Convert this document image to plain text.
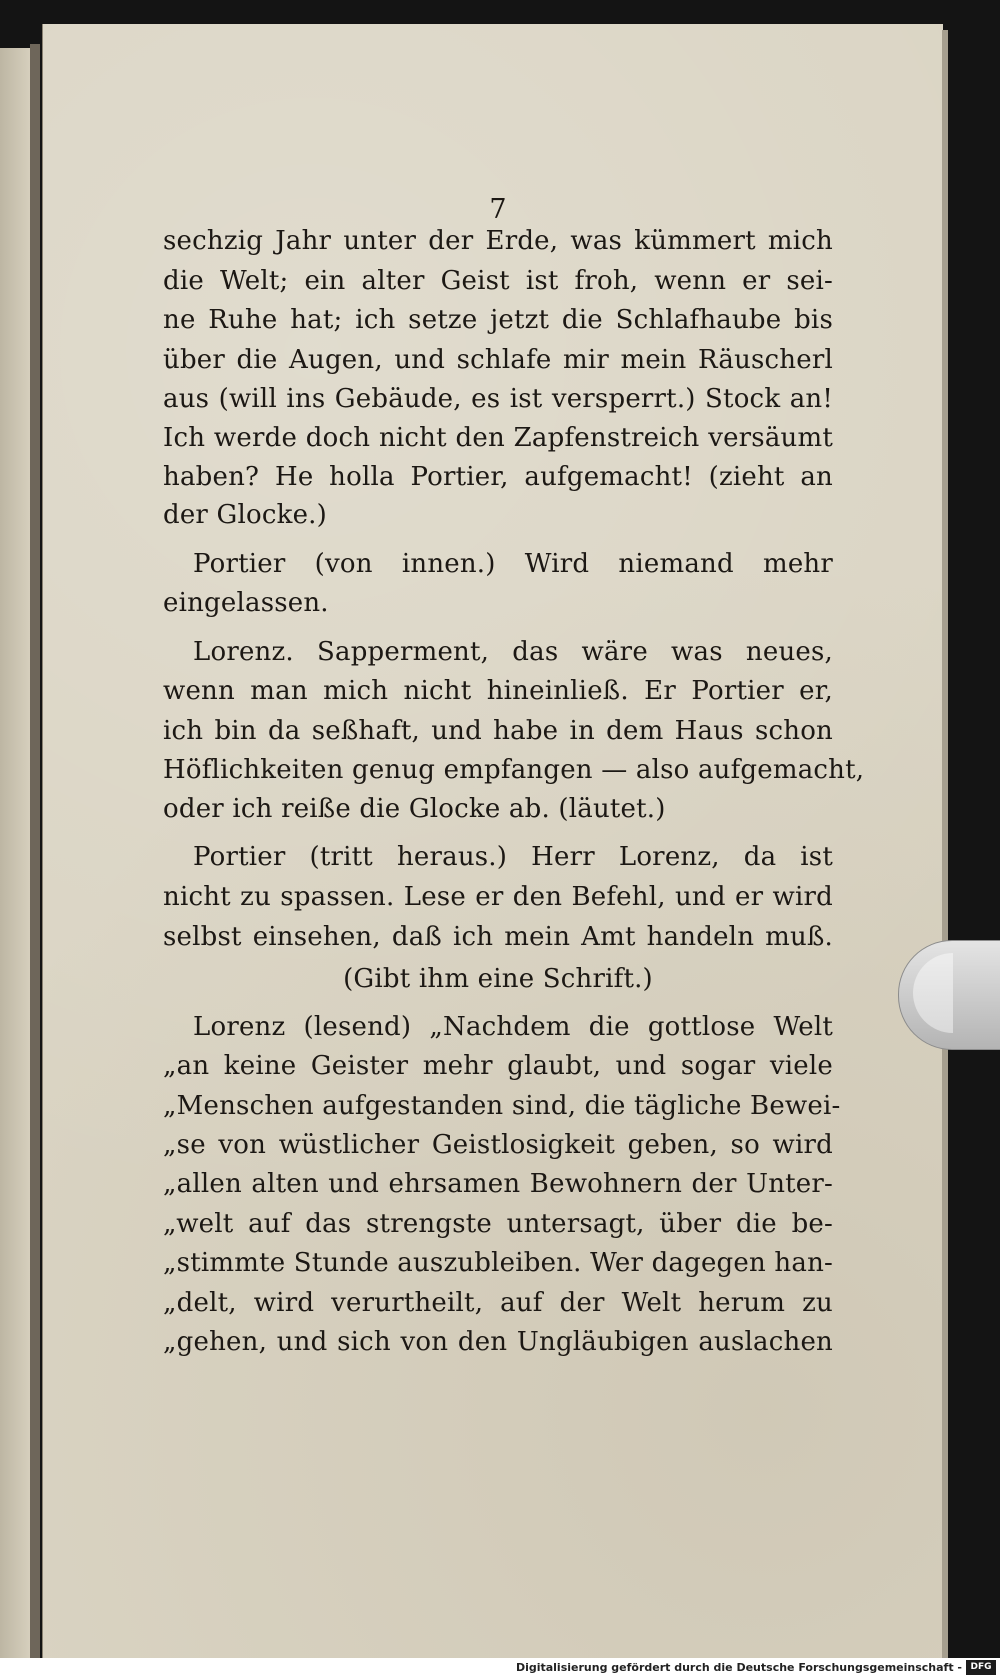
7
sechzig Jahr unter der Erde, was kümmert mich
die Welt; ein alter Geist ist froh, wenn er sei-
ne Ruhe hat; ich setze jetzt die Schlafhaube bis
über die Augen, und schlafe mir mein Räuscherl
aus (will ins Gebäude, es ist versperrt.) Stock an!
Ich werde doch nicht den Zapfenstreich versäumt
haben? He holla Portier, aufgemacht! (zieht an
der Glocke.)
Portier (von innen.) Wird niemand mehr
eingelassen.
Lorenz. Sapperment, das wäre was neues,
wenn man mich nicht hineinließ. Er Portier er,
ich bin da seßhaft, und habe in dem Haus schon
Höflichkeiten genug empfangen — also aufgemacht,
oder ich reiße die Glocke ab. (läutet.)
Portier (tritt heraus.) Herr Lorenz, da ist
nicht zu spassen. Lese er den Befehl, und er wird
selbst einsehen, daß ich mein Amt handeln muß.
(Gibt ihm eine Schrift.)
Lorenz (lesend) „Nachdem die gottlose Welt
„an keine Geister mehr glaubt, und sogar viele
„Menschen aufgestanden sind, die tägliche Bewei-
„se von wüstlicher Geistlosigkeit geben, so wird
„allen alten und ehrsamen Bewohnern der Unter-
„welt auf das strengste untersagt, über die be-
„stimmte Stunde auszubleiben. Wer dagegen han-
„delt, wird verurtheilt, auf der Welt herum zu
„gehen, und sich von den Ungläubigen auslachen
Digitalisierung gefördert durch die Deutsche Forschungsgemeinschaft - DFG
